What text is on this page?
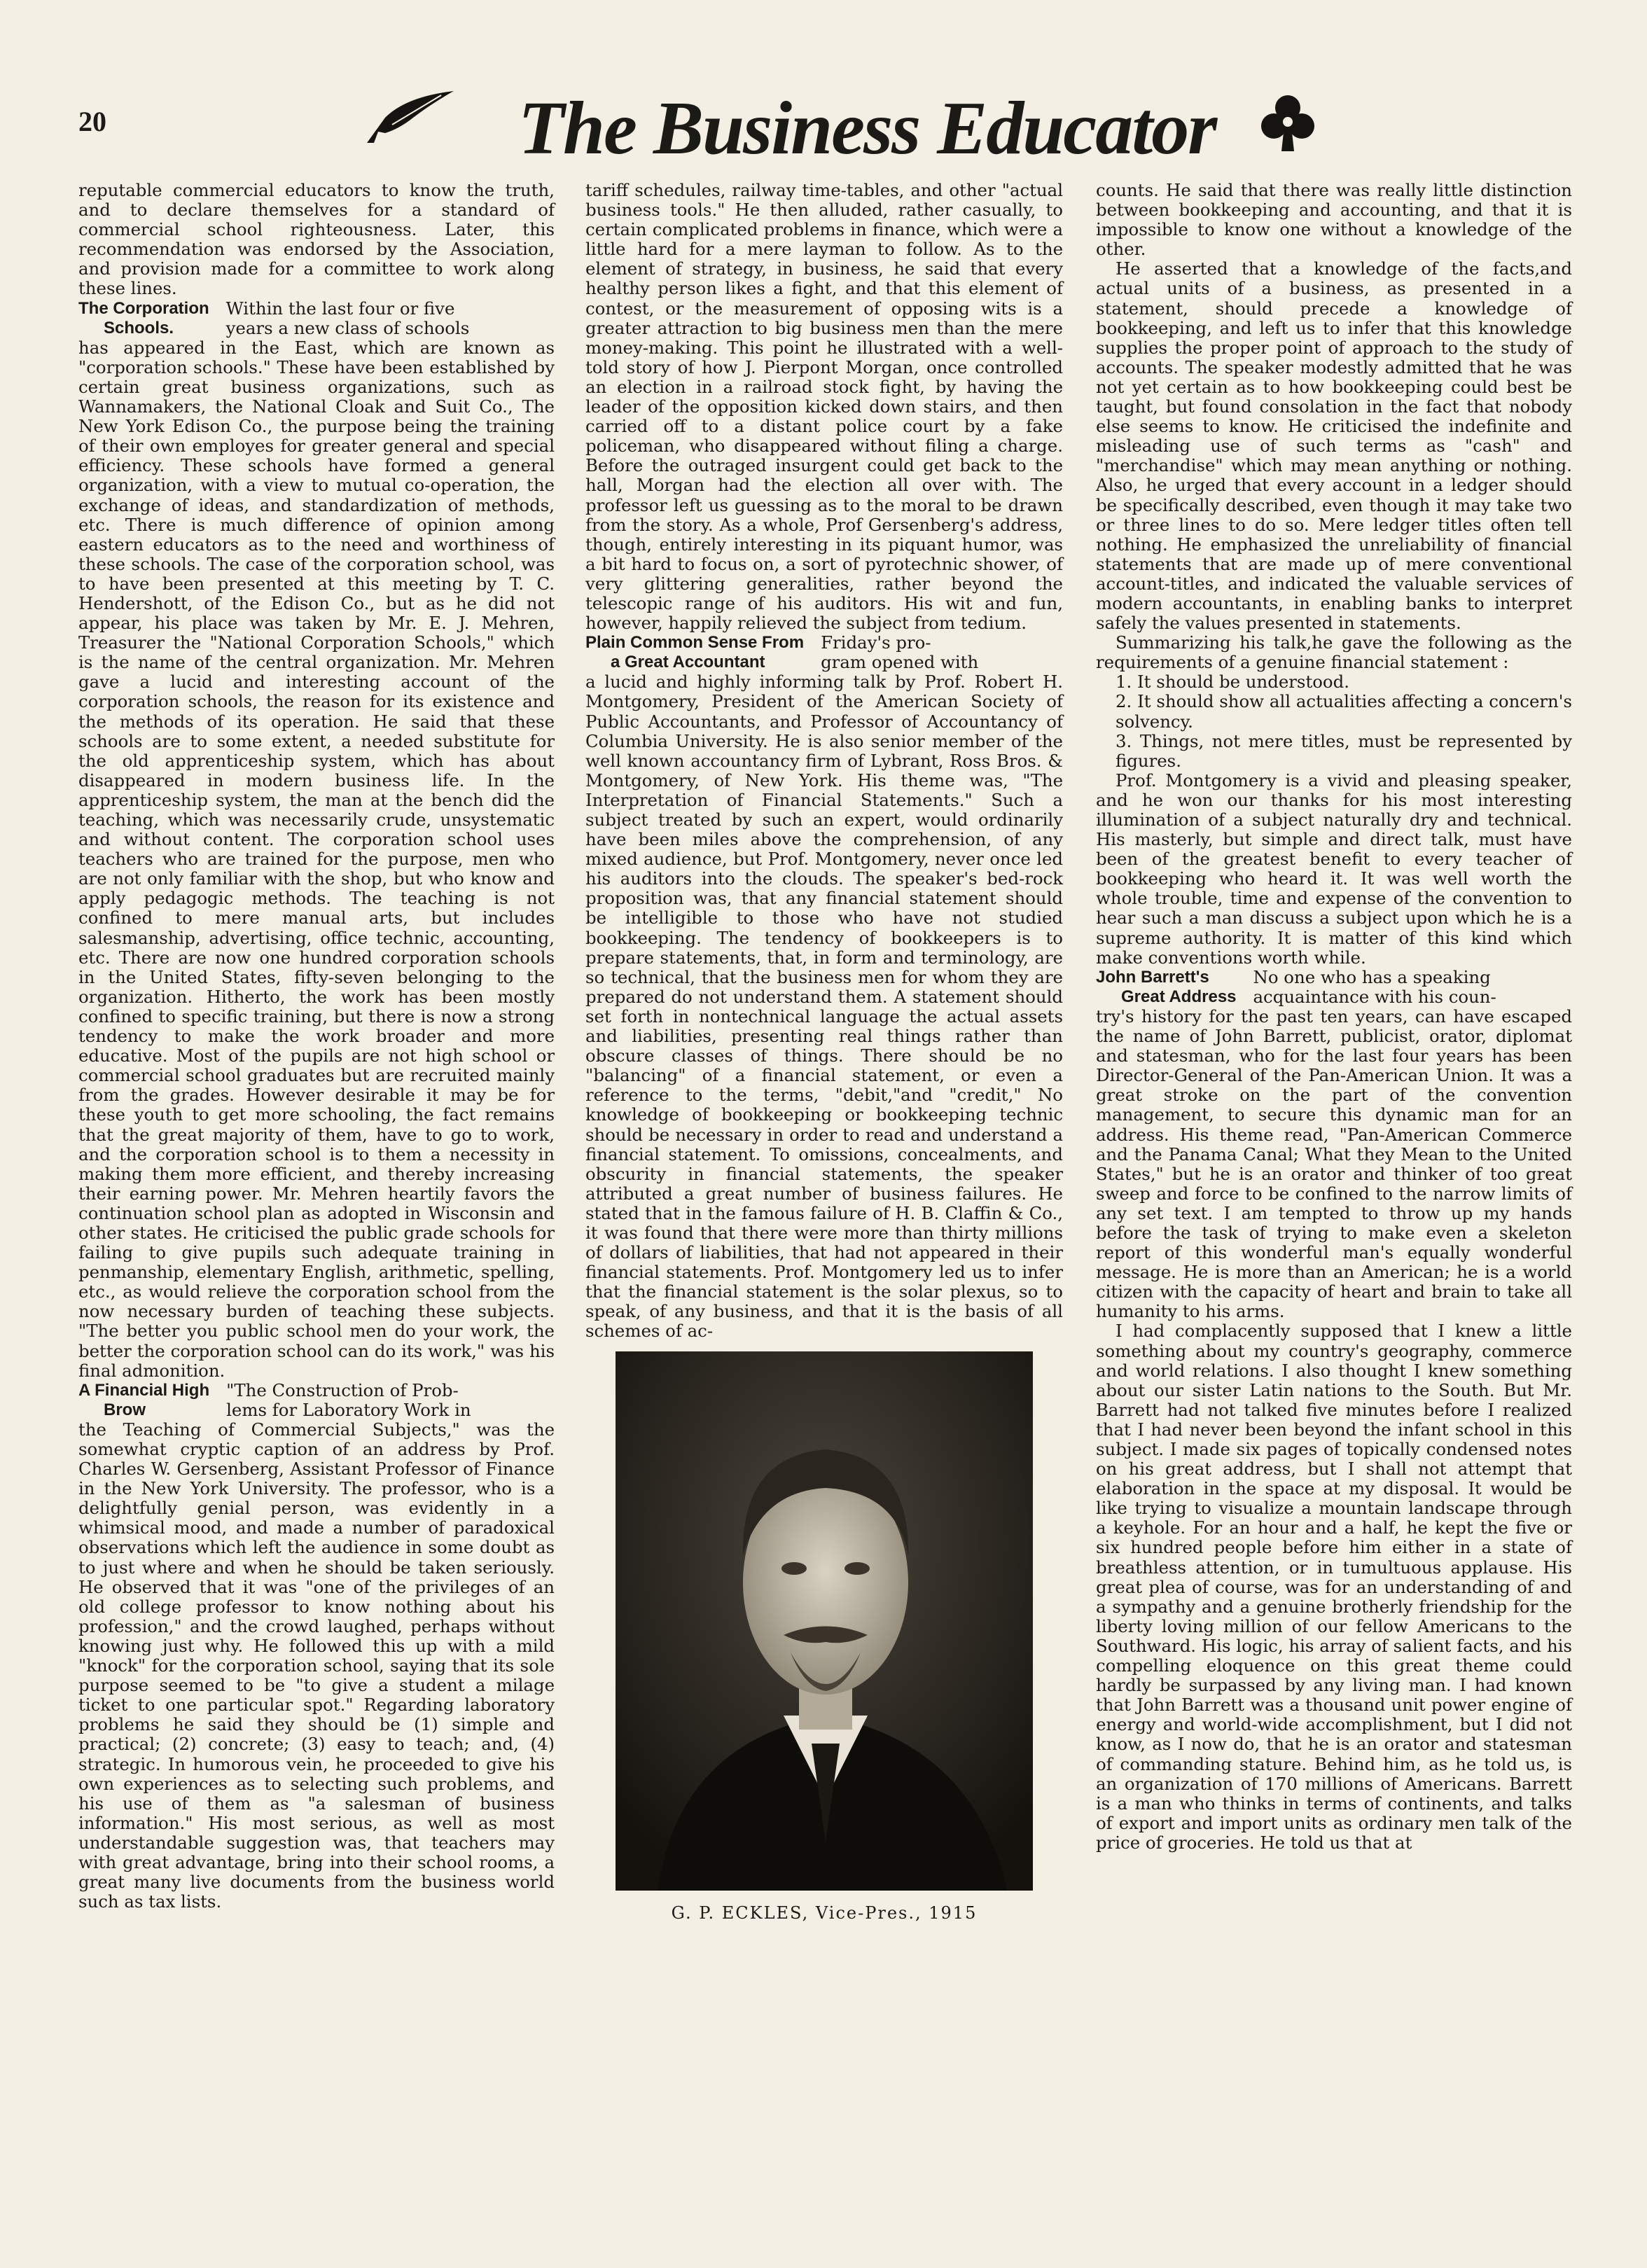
20	The Business Educator

reputable commercial educators to know the truth, and to declare themselves for a standard of commercial school righteousness. Later, this recommendation was endorsed by the Association, and provision made for a committee to work along these lines.

The Corporation
Schools.
Within the last four or five
years a new class of schools

has appeared in the East, which are known as "corporation schools." These have been established by certain great business organizations, such as Wannamakers, the National Cloak and Suit Co., The New York Edison Co., the purpose being the training of their own employes for greater general and special efficiency. These schools have formed a general organization, with a view to mutual co-operation, the exchange of ideas, and standardization of methods, etc. There is much difference of opinion among eastern educators as to the need and worthiness of these schools. The case of the corporation school, was to have been presented at this meeting by T. C. Hendershott, of the Edison Co., but as he did not appear, his place was taken by Mr. E. J. Mehren, Treasurer the "National Corporation Schools," which is the name of the central organization. Mr. Mehren gave a lucid and interesting account of the corporation schools, the reason for its existence and the methods of its operation. He said that these schools are to some extent, a needed substitute for the old apprenticeship system, which has about disappeared in modern business life. In the apprenticeship system, the man at the bench did the teaching, which was necessarily crude, unsystematic and without content. The corporation school uses teachers who are trained for the purpose, men who are not only familiar with the shop, but who know and apply pedagogic methods. The teaching is not confined to mere manual arts, but includes salesmanship, advertising, office technic, accounting, etc. There are now one hundred corporation schools in the United States, fifty-seven belonging to the organization. Hitherto, the work has been mostly confined to specific training, but there is now a strong tendency to make the work broader and more educative. Most of the pupils are not high school or commercial school graduates but are recruited mainly from the grades. However desirable it may be for these youth to get more schooling, the fact remains that the great majority of them, have to go to work, and the corporation school is to them a necessity in making them more efficient, and thereby increasing their earning power. Mr. Mehren heartily favors the continuation school plan as adopted in Wisconsin and other states. He criticised the public grade schools for failing to give pupils such adequate training in penmanship, elementary English, arithmetic, spelling, etc., as would relieve the corporation school from the now necessary burden of teaching these subjects. "The better you public school men do your work, the better the corporation school can do its work," was his final admonition.

A Financial High
Brow
"The Construction of Prob-
lems for Laboratory Work in

the Teaching of Commercial Subjects," was the somewhat cryptic caption of an address by Prof. Charles W. Gersenberg, Assistant Professor of Finance in the New York University. The professor, who is a delightfully genial person, was evidently in a whimsical mood, and made a number of paradoxical observations which left the audience in some doubt as to just where and when he should be taken seriously. He observed that it was "one of the privileges of an old college professor to know nothing about his profession," and the crowd laughed, perhaps without knowing just why. He followed this up with a mild "knock" for the corporation school, saying that its sole purpose seemed to be "to give a student a milage ticket to one particular spot." Regarding laboratory problems he said they should be (1) simple and practical; (2) concrete; (3) easy to teach; and, (4) strategic. In humorous vein, he proceeded to give his own experiences as to selecting such problems, and his use of them as "a salesman of business information." His most serious, as well as most understandable suggestion was, that teachers may with great advantage, bring into their school rooms, a great many live documents from the business world such as tax lists.

tariff schedules, railway time-tables, and other "actual business tools." He then alluded, rather casually, to certain complicated problems in finance, which were a little hard for a mere layman to follow. As to the element of strategy, in business, he said that every healthy person likes a fight, and that this element of contest, or the measurement of opposing wits is a greater attraction to big business men than the mere money-making. This point he illustrated with a well-told story of how J. Pierpont Morgan, once controlled an election in a railroad stock fight, by having the leader of the opposition kicked down stairs, and then carried off to a distant police court by a fake policeman, who disappeared without filing a charge. Before the outraged insurgent could get back to the hall, Morgan had the election all over with. The professor left us guessing as to the moral to be drawn from the story. As a whole, Prof Gersenberg's address, though, entirely interesting in its piquant humor, was a bit hard to focus on, a sort of pyrotechnic shower, of very glittering generalities, rather beyond the telescopic range of his auditors. His wit and fun, however, happily relieved the subject from tedium.

Plain Common Sense From
a Great Accountant
Friday's pro-
gram opened with

a lucid and highly informing talk by Prof. Robert H. Montgomery, President of the American Society of Public Accountants, and Professor of Accountancy of Columbia University. He is also senior member of the well known accountancy firm of Lybrant, Ross Bros. & Montgomery, of New York. His theme was, "The Interpretation of Financial Statements." Such a subject treated by such an expert, would ordinarily have been miles above the comprehension, of any mixed audience, but Prof. Montgomery, never once led his auditors into the clouds. The speaker's bed-rock proposition was, that any financial statement should be intelligible to those who have not studied bookkeeping. The tendency of bookkeepers is to prepare statements, that, in form and terminology, are so technical, that the business men for whom they are prepared do not understand them. A statement should set forth in nontechnical language the actual assets and liabilities, presenting real things rather than obscure classes of things. There should be no "balancing" of a financial statement, or even a reference to the terms, "debit,"and "credit," No knowledge of bookkeeping or bookkeeping technic should be necessary in order to read and understand a financial statement. To omissions, concealments, and obscurity in financial statements, the speaker attributed a great number of business failures. He stated that in the famous failure of H. B. Claffin & Co., it was found that there were more than thirty millions of dollars of liabilities, that had not appeared in their financial statements. Prof. Montgomery led us to infer that the financial statement is the solar plexus, so to speak, of any business, and that it is the basis of all schemes of ac-

G. P. ECKLES, Vice-Pres., 1915

counts. He said that there was really little distinction between bookkeeping and accounting, and that it is impossible to know one without a knowledge of the other.

He asserted that a knowledge of the facts,and actual units of a business, as presented in a statement, should precede a knowledge of bookkeeping, and left us to infer that this knowledge supplies the proper point of approach to the study of accounts. The speaker modestly admitted that he was not yet certain as to how bookkeeping could best be taught, but found consolation in the fact that nobody else seems to know. He criticised the indefinite and misleading use of such terms as "cash" and "merchandise" which may mean anything or nothing. Also, he urged that every account in a ledger should be specifically described, even though it may take two or three lines to do so. Mere ledger titles often tell nothing. He emphasized the unreliability of financial statements that are made up of mere conventional account-titles, and indicated the valuable services of modern accountants, in enabling banks to interpret safely the values presented in statements.

Summarizing his talk,he gave the following as the requirements of a genuine financial statement :

1. It should be understood.

2. It should show all actualities affecting a concern's solvency.

3. Things, not mere titles, must be represented by figures.

Prof. Montgomery is a vivid and pleasing speaker, and he won our thanks for his most interesting illumination of a subject naturally dry and technical. His masterly, but simple and direct talk, must have been of the greatest benefit to every teacher of bookkeeping who heard it. It was well worth the whole trouble, time and expense of the convention to hear such a man discuss a subject upon which he is a supreme authority. It is matter of this kind which make conventions worth while.

John Barrett's
Great Address
No one who has a speaking
acquaintance with his coun-

try's history for the past ten years, can have escaped the name of John Barrett, publicist, orator, diplomat and statesman, who for the last four years has been Director-General of the Pan-American Union. It was a great stroke on the part of the convention management, to secure this dynamic man for an address. His theme read, "Pan-American Commerce and the Panama Canal; What they Mean to the United States," but he is an orator and thinker of too great sweep and force to be confined to the narrow limits of any set text. I am tempted to throw up my hands before the task of trying to make even a skeleton report of this wonderful man's equally wonderful message. He is more than an American; he is a world citizen with the capacity of heart and brain to take all humanity to his arms.

I had complacently supposed that I knew a little something about my country's geography, commerce and world relations. I also thought I knew something about our sister Latin nations to the South. But Mr. Barrett had not talked five minutes before I realized that I had never been beyond the infant school in this subject. I made six pages of topically condensed notes on his great address, but I shall not attempt that elaboration in the space at my disposal. It would be like trying to visualize a mountain landscape through a keyhole. For an hour and a half, he kept the five or six hundred people before him either in a state of breathless attention, or in tumultuous applause. His great plea of course, was for an understanding of and a sympathy and a genuine brotherly friendship for the liberty loving million of our fellow Americans to the Southward. His logic, his array of salient facts, and his compelling eloquence on this great theme could hardly be surpassed by any living man. I had known that John Barrett was a thousand unit power engine of energy and world-wide accomplishment, but I did not know, as I now do, that he is an orator and statesman of commanding stature. Behind him, as he told us, is an organization of 170 millions of Americans. Barrett is a man who thinks in terms of continents, and talks of export and import units as ordinary men talk of the price of groceries. He told us that at
